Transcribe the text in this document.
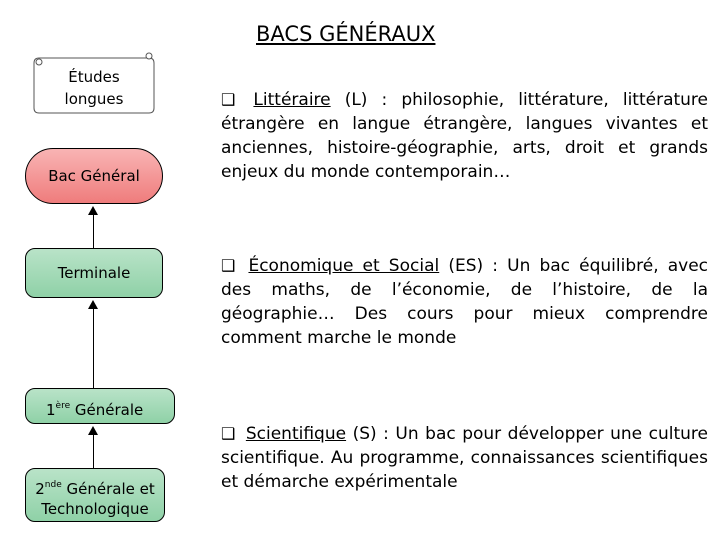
BACS GÉNÉRAUX
Études
longues
Bac Général
Terminale
1ère Générale
2nde Générale et
Technologique
❑ Littéraire (L) : philosophie, littérature, littérature étrangère en langue étrangère, langues vivantes et anciennes, histoire-géographie, arts, droit et grands enjeux du monde contemporain…
❑ Économique et Social (ES) : Un bac équilibré, avec des maths, de l’économie, de l’histoire, de la géographie… Des cours pour mieux comprendre comment marche le monde
❑ Scientifique (S) : Un bac pour développer une culture scientifique. Au programme, connaissances scientifiques et démarche expérimentale
